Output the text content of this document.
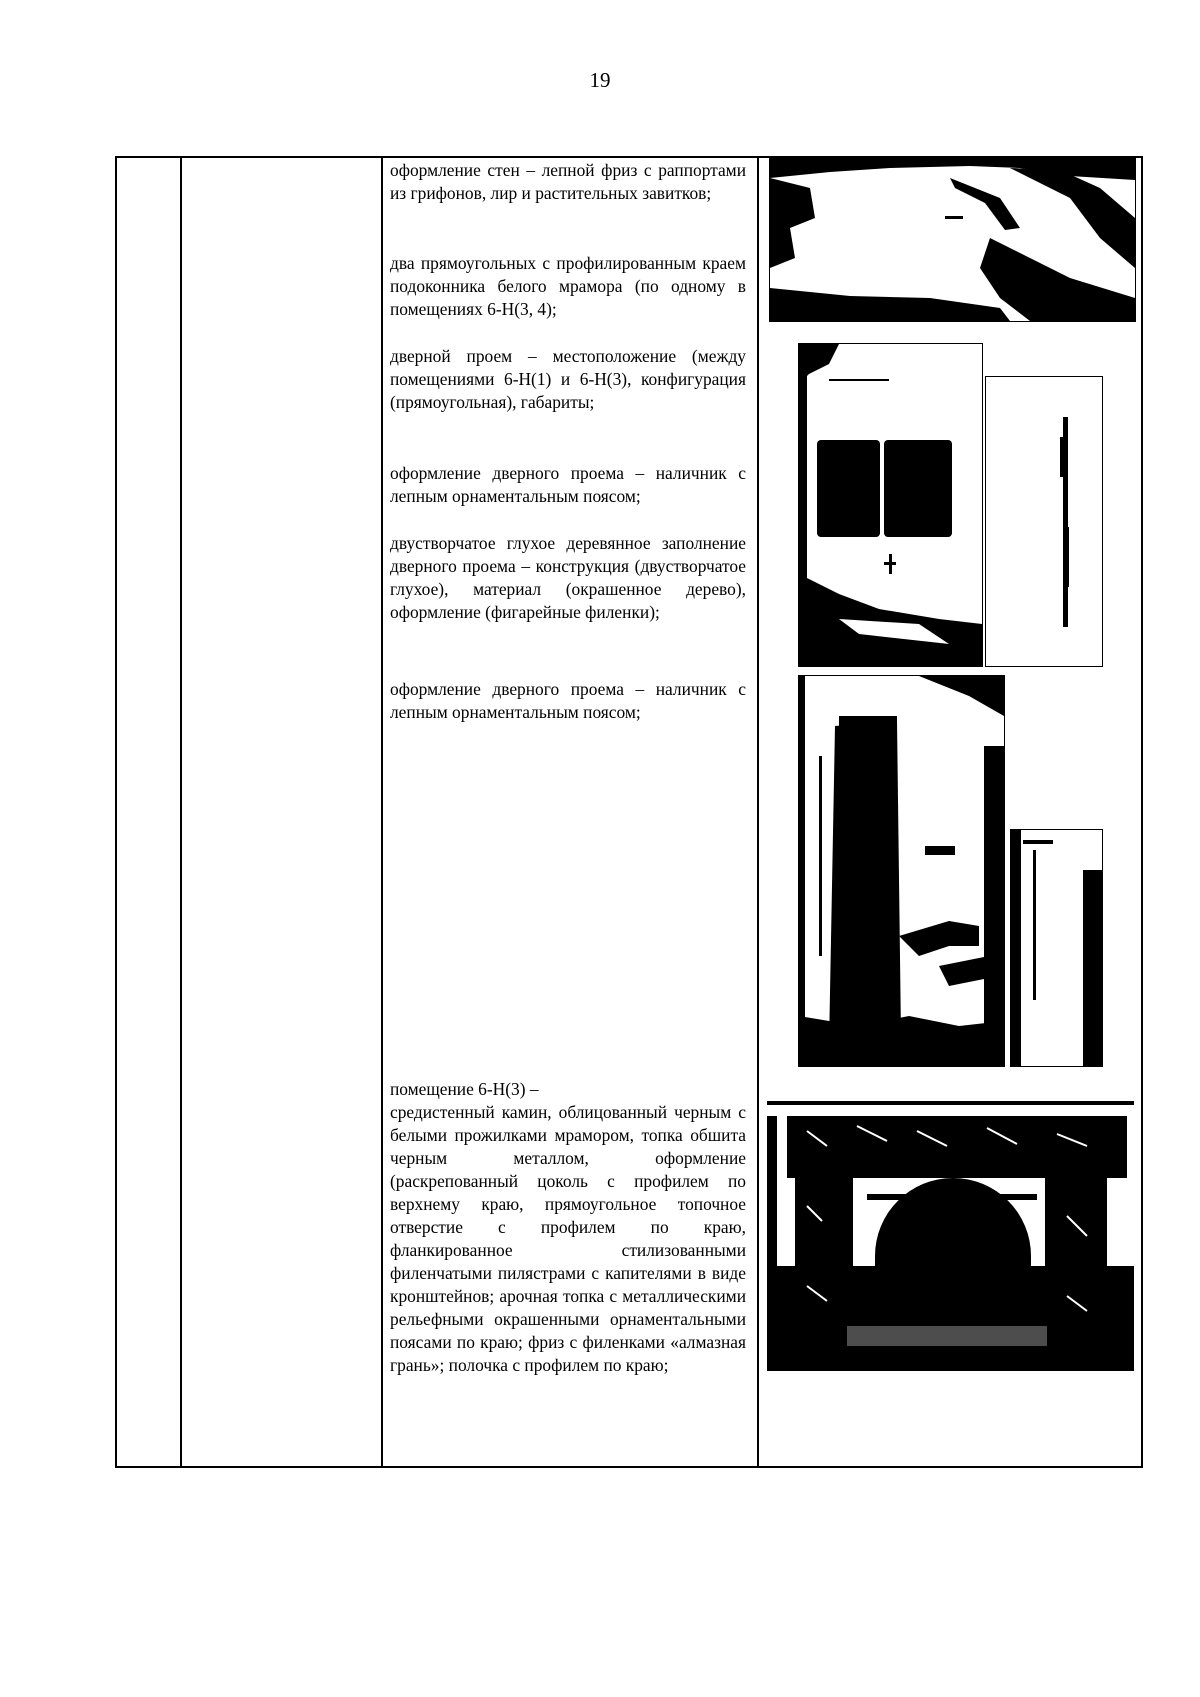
19

оформление стен – лепной фриз с раппортами из грифонов, лир и растительных завитков;

два прямоугольных с профилированным краем подоконника белого мрамора (по одному в помещениях 6-Н(3, 4);

дверной проем – местоположение (между помещениями 6-Н(1) и 6-Н(3), конфигурация (прямоугольная), габариты;

оформление дверного проема – наличник с лепным орнаментальным поясом;

двустворчатое глухое деревянное заполнение дверного проема – конструкция (двустворчатое глухое), материал (окрашенное дерево), оформление (фигарейные филенки);

оформление дверного проема – наличник с лепным орнаментальным поясом;

помещение 6-Н(3) –
средистенный камин, облицованный черным с белыми прожилками мрамором, топка обшита черным металлом, оформление (раскрепованный цоколь с профилем по верхнему краю, прямоугольное топочное отверстие с профилем по краю, фланкированное стилизованными филенчатыми пилястрами с капителями в виде кронштейнов; арочная топка с металлическими рельефными окрашенными орнаментальными поясами по краю; фриз с филенками «алмазная грань»; полочка с профилем по краю;
